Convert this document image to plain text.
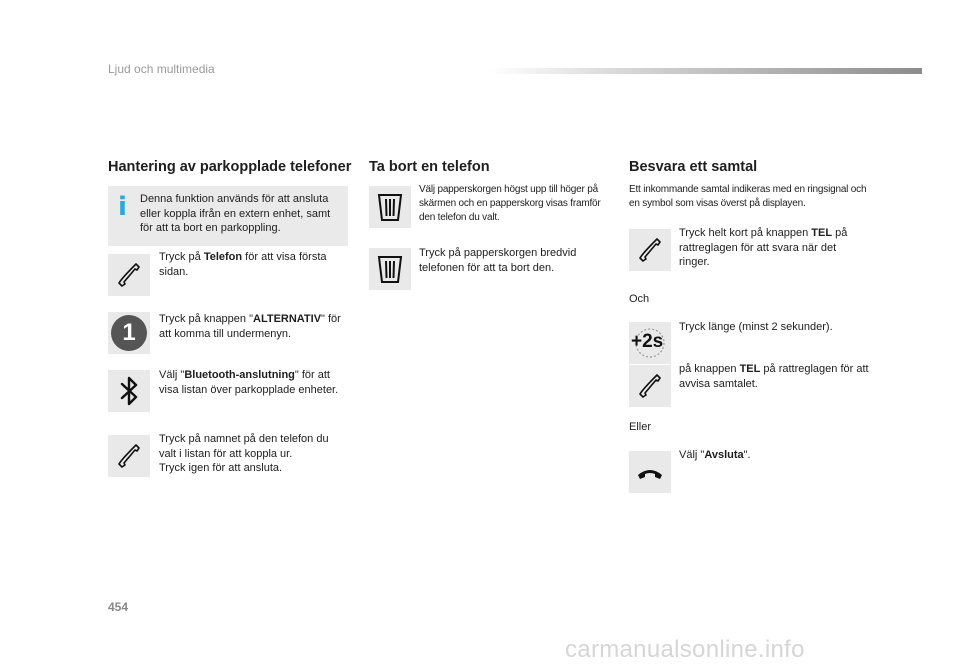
Ljud och multimedia
Hantering av parkopplade telefoner
i Denna funktion används för att ansluta eller koppla ifrån en extern enhet, samt för att ta bort en parkoppling.
Tryck på Telefon för att visa första sidan.
1	Tryck på knappen "ALTERNATIV" för att komma till undermenyn.
Välj "Bluetooth-anslutning" för att visa listan över parkopplade enheter.
Tryck på namnet på den telefon du
valt i listan för att koppla ur.
Tryck igen för att ansluta.
Ta bort en telefon
Välj papperskorgen högst upp till höger på skärmen och en papperskorg visas framför den telefon du valt.
Tryck på papperskorgen bredvid telefonen för att ta bort den.
Besvara ett samtal
Ett inkommande samtal indikeras med en ringsignal och en symbol som visas överst på displayen.
Tryck helt kort på knappen TEL på rattreglagen för att svara när det ringer.
Och
+2s
Tryck länge (minst 2 sekunder).
på knappen TEL på rattreglagen för att avvisa samtalet.
Eller
Välj "Avsluta".
454
carmanualsonline.info
